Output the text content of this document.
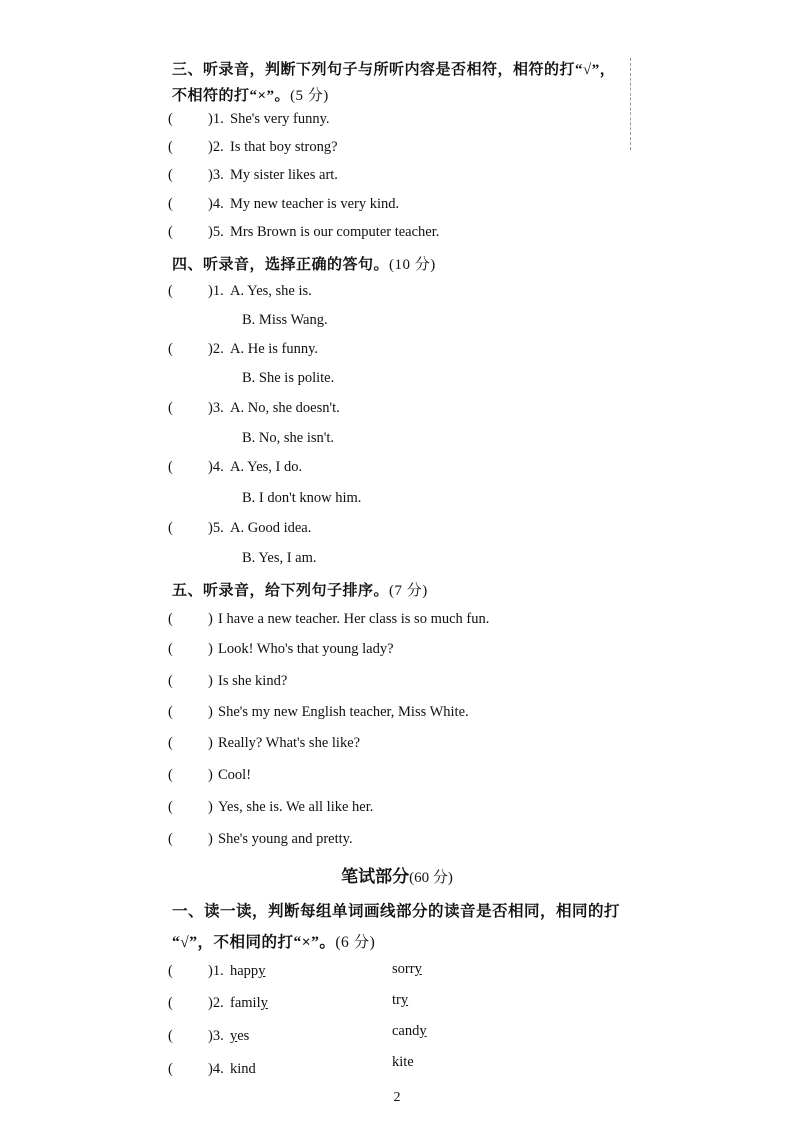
三、听录音，判断下列句子与所听内容是否相符，相符的打“√”，
不相符的打“×”。(5 分)
(	)1. She's very funny.
(	)2. Is that boy strong?
(	)3. My sister likes art.
(	)4. My new teacher is very kind.
(	)5. Mrs Brown is our computer teacher.
四、听录音，选择正确的答句。(10 分)
(	)1. A. Yes, she is.
B. Miss Wang.
(	)2. A. He is funny.
B. She is polite.
(	)3. A. No, she doesn't.
B. No, she isn't.
(	)4. A. Yes, I do.
B. I don't know him.
(	)5. A. Good idea.
B. Yes, I am.
五、听录音，给下列句子排序。(7 分)
(	) I have a new teacher. Her class is so much fun.
(	) Look! Who's that young lady?
(	) Is she kind?
(	) She's my new English teacher, Miss White.
(	) Really? What's she like?
(	) Cool!
(	) Yes, she is. We all like her.
(	) She's young and pretty.
笔试部分(60 分)
一、读一读，判断每组单词画线部分的读音是否相同，相同的打
“√”，不相同的打“×”。(6 分)
(	)1. happy	sorry
(	)2. family	try
(	)3. yes	candy
(	)4. kind	kite
2
